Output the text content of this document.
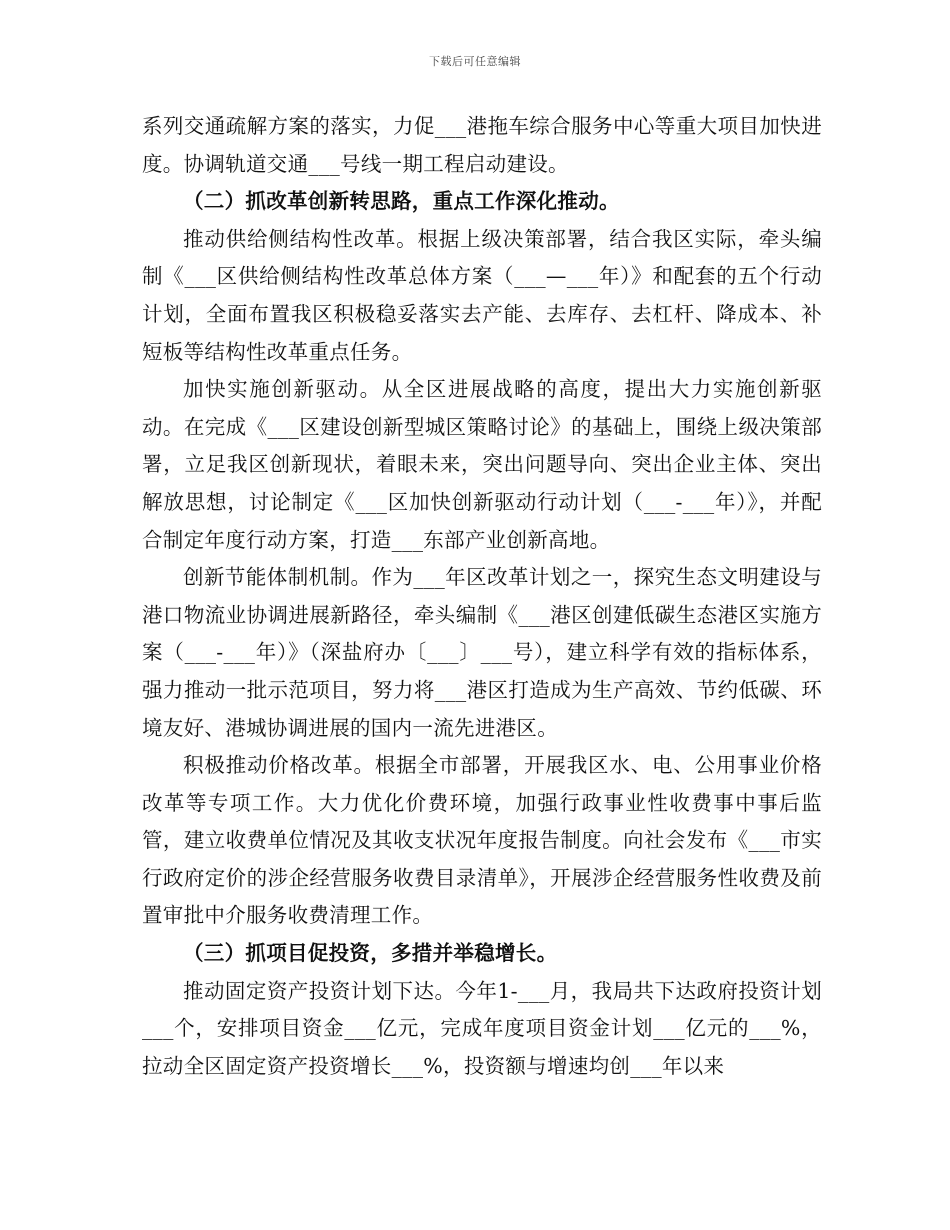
下载后可任意编辑

系列交通疏解方案的落实，力促___港拖车综合服务中心等重大项目加快进度。协调轨道交通___号线一期工程启动建设。

（二）抓改革创新转思路，重点工作深化推动。

推动供给侧结构性改革。根据上级决策部署，结合我区实际，牵头编制《___区供给侧结构性改革总体方案（___—___年）》和配套的五个行动计划，全面布置我区积极稳妥落实去产能、去库存、去杠杆、降成本、补短板等结构性改革重点任务。

加快实施创新驱动。从全区进展战略的高度，提出大力实施创新驱动。在完成《___区建设创新型城区策略讨论》的基础上，围绕上级决策部署，立足我区创新现状，着眼未来，突出问题导向、突出企业主体、突出解放思想，讨论制定《___区加快创新驱动行动计划（___-___年）》，并配合制定年度行动方案，打造___东部产业创新高地。

创新节能体制机制。作为___年区改革计划之一，探究生态文明建设与港口物流业协调进展新路径，牵头编制《___港区创建低碳生态港区实施方案（___-___年）》（深盐府办〔___〕___号），建立科学有效的指标体系，强力推动一批示范项目，努力将___港区打造成为生产高效、节约低碳、环境友好、港城协调进展的国内一流先进港区。

积极推动价格改革。根据全市部署，开展我区水、电、公用事业价格改革等专项工作。大力优化价费环境，加强行政事业性收费事中事后监管，建立收费单位情况及其收支状况年度报告制度。向社会发布《___市实行政府定价的涉企经营服务收费目录清单》，开展涉企经营服务性收费及前置审批中介服务收费清理工作。

（三）抓项目促投资，多措并举稳增长。

推动固定资产投资计划下达。今年1-___月，我局共下达政府投资计划___个，安排项目资金___亿元，完成年度项目资金计划___亿元的___%，拉动全区固定资产投资增长___%，投资额与增速均创___年以来
